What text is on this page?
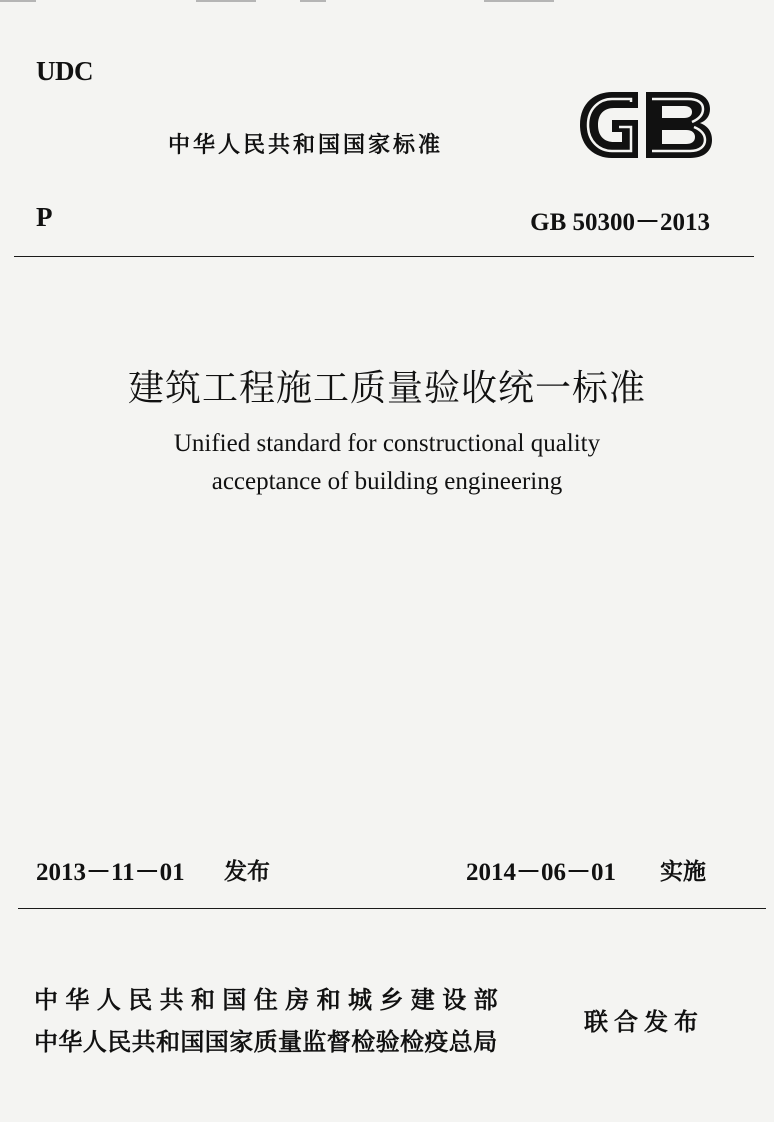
UDC
中华人民共和国国家标准
P	GB 50300－2013
建筑工程施工质量验收统一标准
Unified standard for constructional quality
acceptance of building engineering
2013－11－01 发布	2014－06－01 实施
中华人民共和国住房和城乡建设部
中华人民共和国国家质量监督检验检疫总局
联合发布
